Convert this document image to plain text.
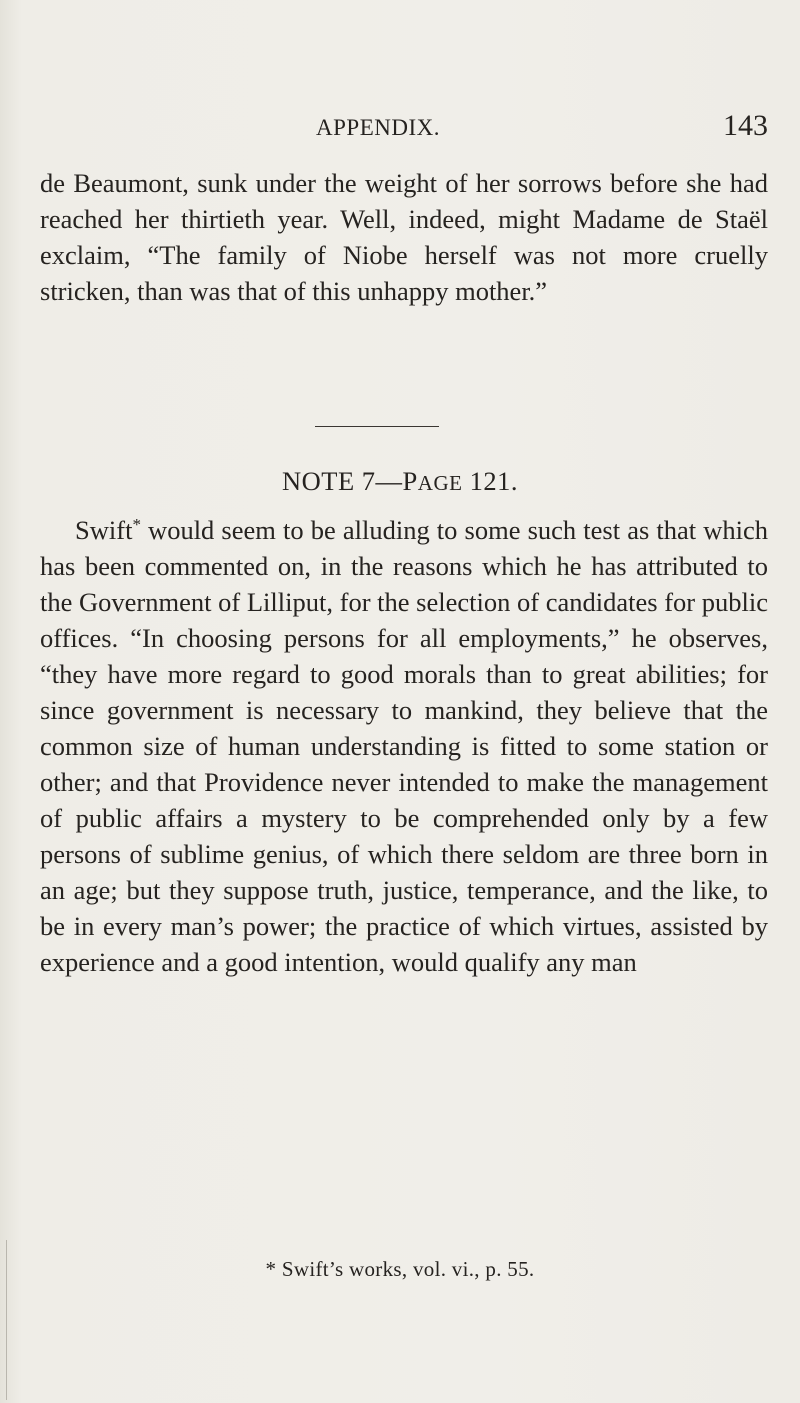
APPENDIX.	143

de Beaumont, sunk under the weight of her sorrows before she had reached her thirtieth year. Well, indeed, might Madame de Staël exclaim, “The family of Niobe herself was not more cruelly stricken, than was that of this unhappy mother.”

NOTE 7—PAGE 121.

Swift* would seem to be alluding to some such test as that which has been commented on, in the reasons which he has attributed to the Government of Lilliput, for the selection of candidates for public offices. “In choosing persons for all employments,” he observes, “they have more regard to good morals than to great abilities; for since government is necessary to mankind, they believe that the common size of human understanding is fitted to some station or other; and that Providence never intended to make the management of public affairs a mystery to be comprehended only by a few persons of sublime genius, of which there seldom are three born in an age; but they suppose truth, justice, temperance, and the like, to be in every man’s power; the practice of which virtues, assisted by experience and a good intention, would qualify any man

* Swift’s works, vol. vi., p. 55.
